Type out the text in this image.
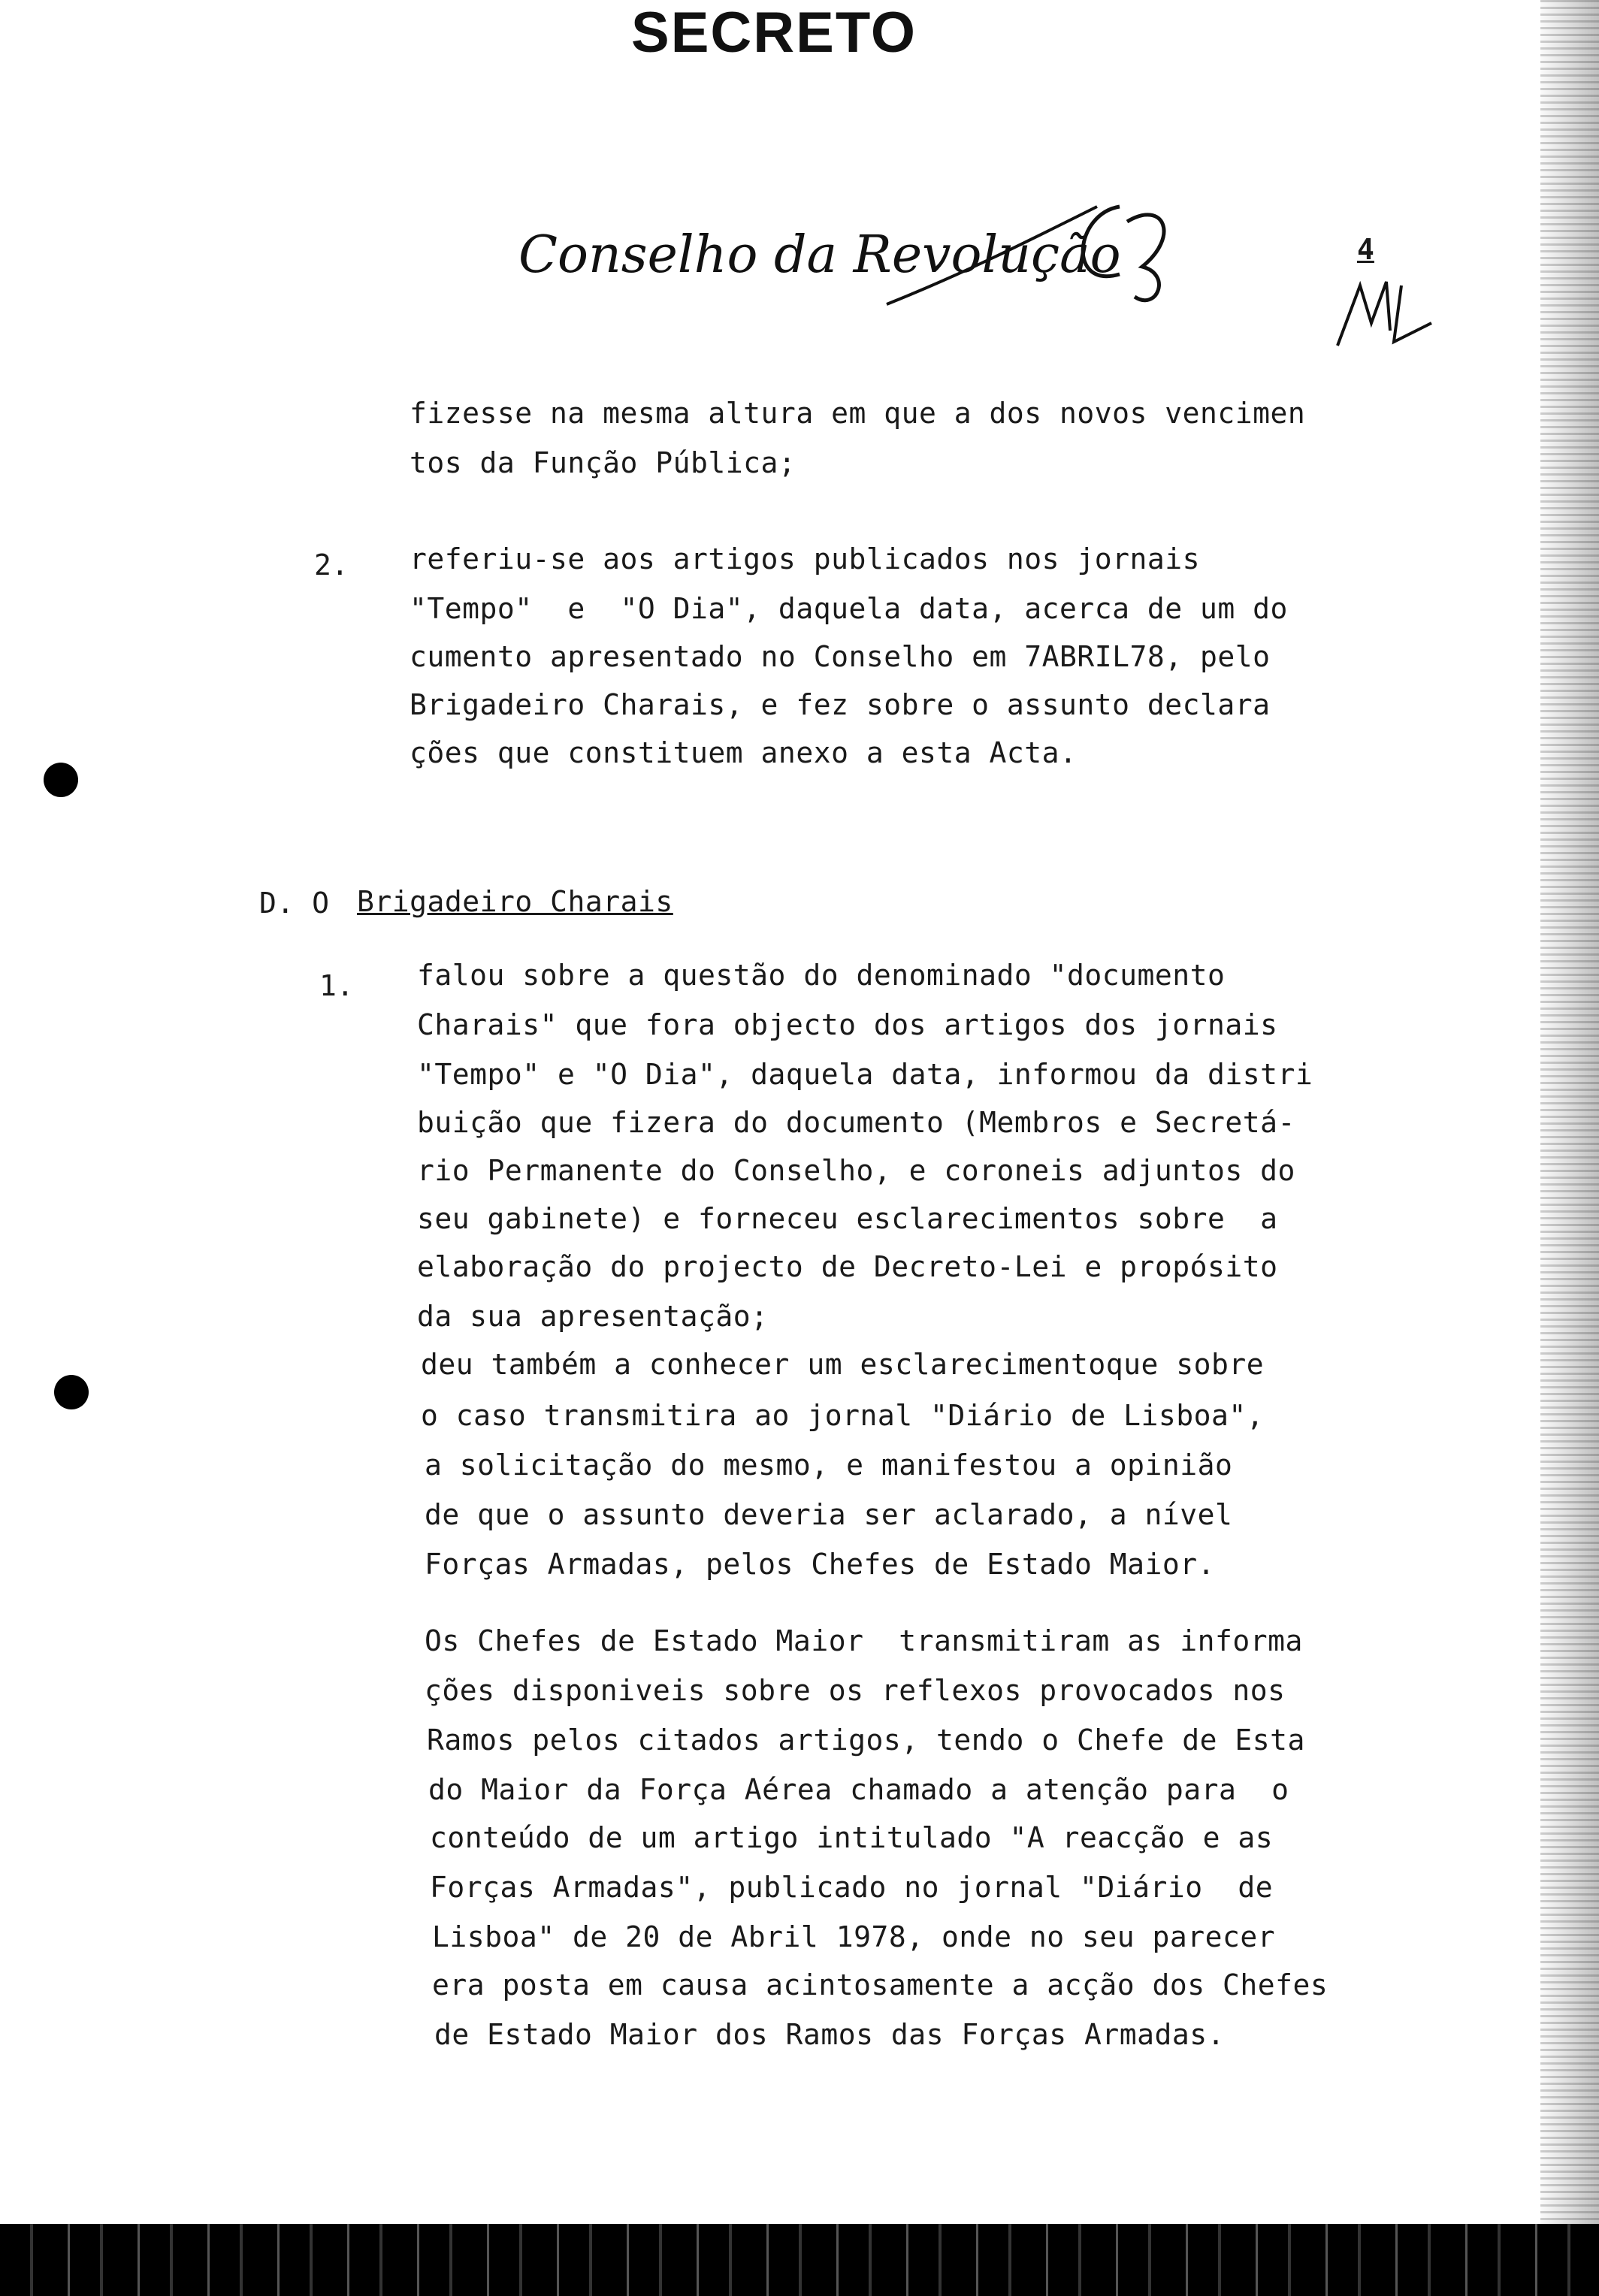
SECRETO
Conselho da Revolução	4
fizesse na mesma altura em que a dos novos vencimen
tos da Função Pública;
2. referiu-se aos artigos publicados nos jornais
"Tempo"  e  "O Dia", daquela data, acerca de um do
cumento apresentado no Conselho em 7ABRIL78, pelo
Brigadeiro Charais, e fez sobre o assunto declara
ções que constituem anexo a esta Acta.
D. O Brigadeiro Charais
1. falou sobre a questão do denominado "documento
Charais" que fora objecto dos artigos dos jornais
"Tempo" e "O Dia", daquela data, informou da distri
buição que fizera do documento (Membros e Secretá-
rio Permanente do Conselho, e coroneis adjuntos do
seu gabinete) e forneceu esclarecimentos sobre  a
elaboração do projecto de Decreto-Lei e propósito
da sua apresentação;
deu também a conhecer um esclarecimentoque sobre
o caso transmitira ao jornal "Diário de Lisboa",
a solicitação do mesmo, e manifestou a opinião
de que o assunto deveria ser aclarado, a nível
Forças Armadas, pelos Chefes de Estado Maior.
Os Chefes de Estado Maior  transmitiram as informa
ções disponiveis sobre os reflexos provocados nos
Ramos pelos citados artigos, tendo o Chefe de Esta
do Maior da Força Aérea chamado a atenção para  o
conteúdo de um artigo intitulado "A reacção e as
Forças Armadas", publicado no jornal "Diário  de
Lisboa" de 20 de Abril 1978, onde no seu parecer
era posta em causa acintosamente a acção dos Chefes
de Estado Maior dos Ramos das Forças Armadas.
